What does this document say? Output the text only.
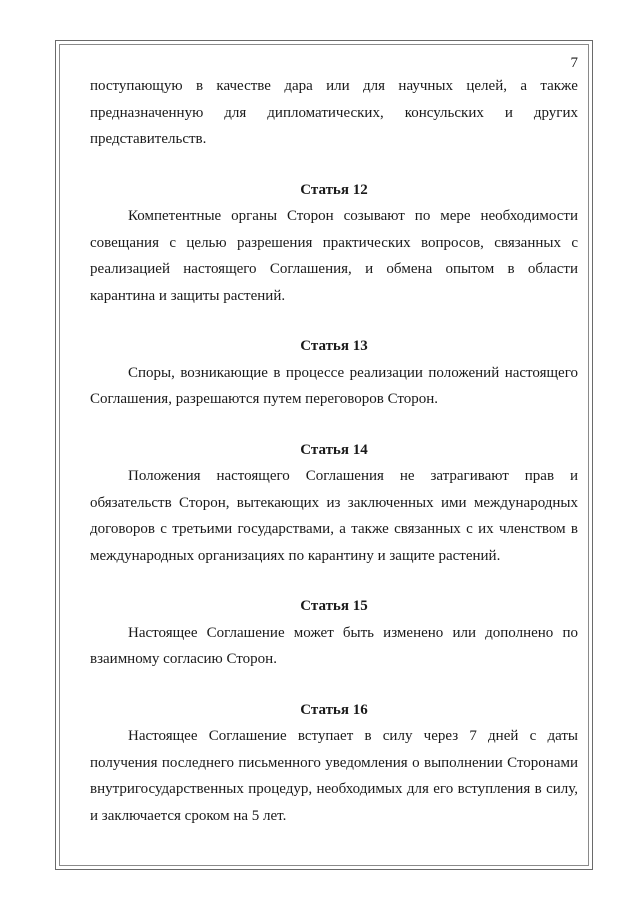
7
поступающую в качестве дара или для научных целей, а также
предназначенную для дипломатических, консульских и других
представительств.
Статья 12

Компетентные органы Сторон созывают по мере необходимости совещания с целью разрешения практических вопросов, связанных с реализацией настоящего Соглашения, и обмена опытом в области карантина и защиты растений.

Статья 13

Споры, возникающие в процессе реализации положений настоящего Соглашения, разрешаются путем переговоров Сторон.

Статья 14

Положения настоящего Соглашения не затрагивают прав и обязательств Сторон, вытекающих из заключенных ими международных договоров с третьими государствами, а также связанных с их членством в международных организациях по карантину и защите растений.

Статья 15

Настоящее Соглашение может быть изменено или дополнено по взаимному согласию Сторон.

Статья 16

Настоящее Соглашение вступает в силу через 7 дней с даты получения последнего письменного уведомления о выполнении Сторонами внутригосударственных процедур, необходимых для его вступления в силу, и заключается сроком на 5 лет.
